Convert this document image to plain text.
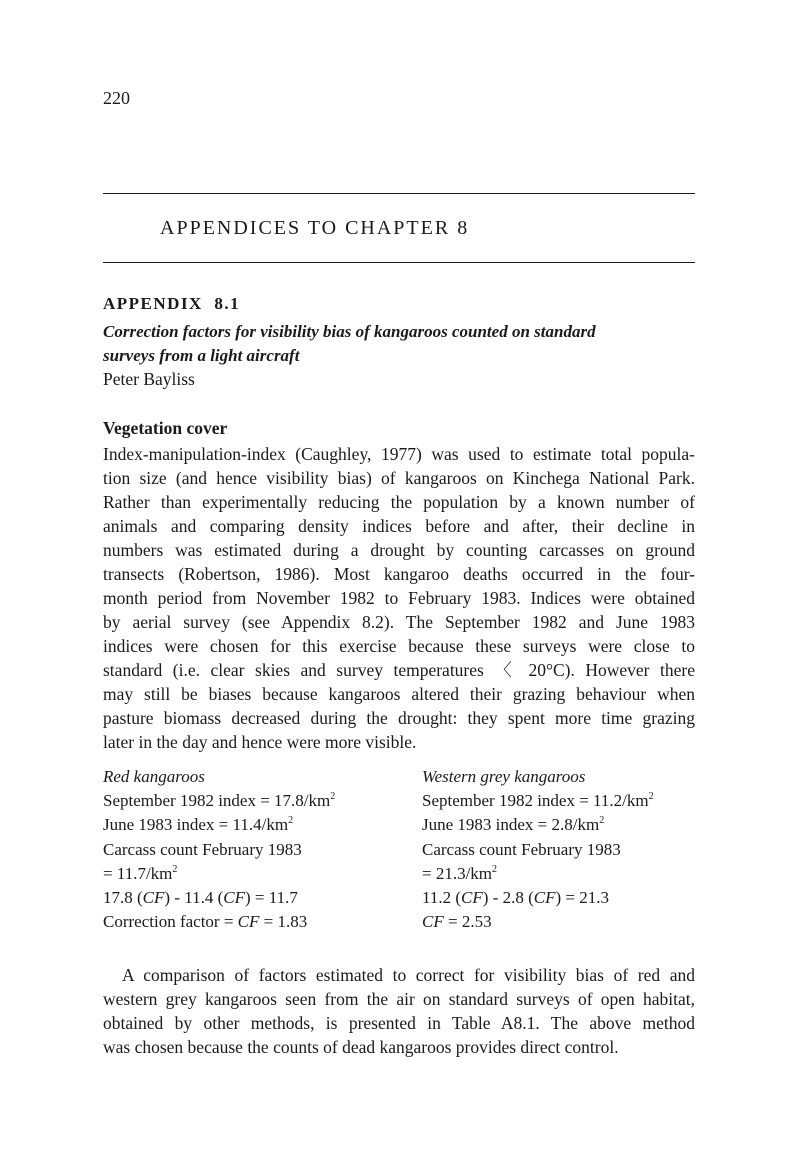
220
APPENDICES TO CHAPTER 8
APPENDIX  8.1
Correction factors for visibility bias of kangaroos counted on standard
surveys from a light aircraft
Peter Bayliss
Vegetation cover
Index-manipulation-index (Caughley, 1977) was used to estimate total popula-
tion size (and hence visibility bias) of kangaroos on Kinchega National Park.
Rather than experimentally reducing the population by a known number of
animals and comparing density indices before and after, their decline in
numbers was estimated during a drought by counting carcasses on ground
transects (Robertson, 1986). Most kangaroo deaths occurred in the four-
month period from November 1982 to February 1983. Indices were obtained
by aerial survey (see Appendix 8.2). The September 1982 and June 1983
indices were chosen for this exercise because these surveys were close to
standard (i.e. clear skies and survey temperatures 〈 20°C). However there
may still be biases because kangaroos altered their grazing behaviour when
pasture biomass decreased during the drought: they spent more time grazing
later in the day and hence were more visible.
Red kangaroos
September 1982 index = $17.8/km^2$
June 1983 index = $11.4/km^2$
Carcass count February 1983
= $11.7/km^2$
17.8 (CF) - 11.4 (CF) = 11.7
Correction factor = CF = 1.83
Western grey kangaroos
September 1982 index = $11.2/km^2$
June 1983 index = $2.8/km^2$
Carcass count February 1983
= $21.3/km^2$
11.2 (CF) - 2.8 (CF) = 21.3
CF = 2.53
A comparison of factors estimated to correct for visibility bias of red and
western grey kangaroos seen from the air on standard surveys of open habitat,
obtained by other methods, is presented in Table A8.1. The above method
was chosen because the counts of dead kangaroos provides direct control.
